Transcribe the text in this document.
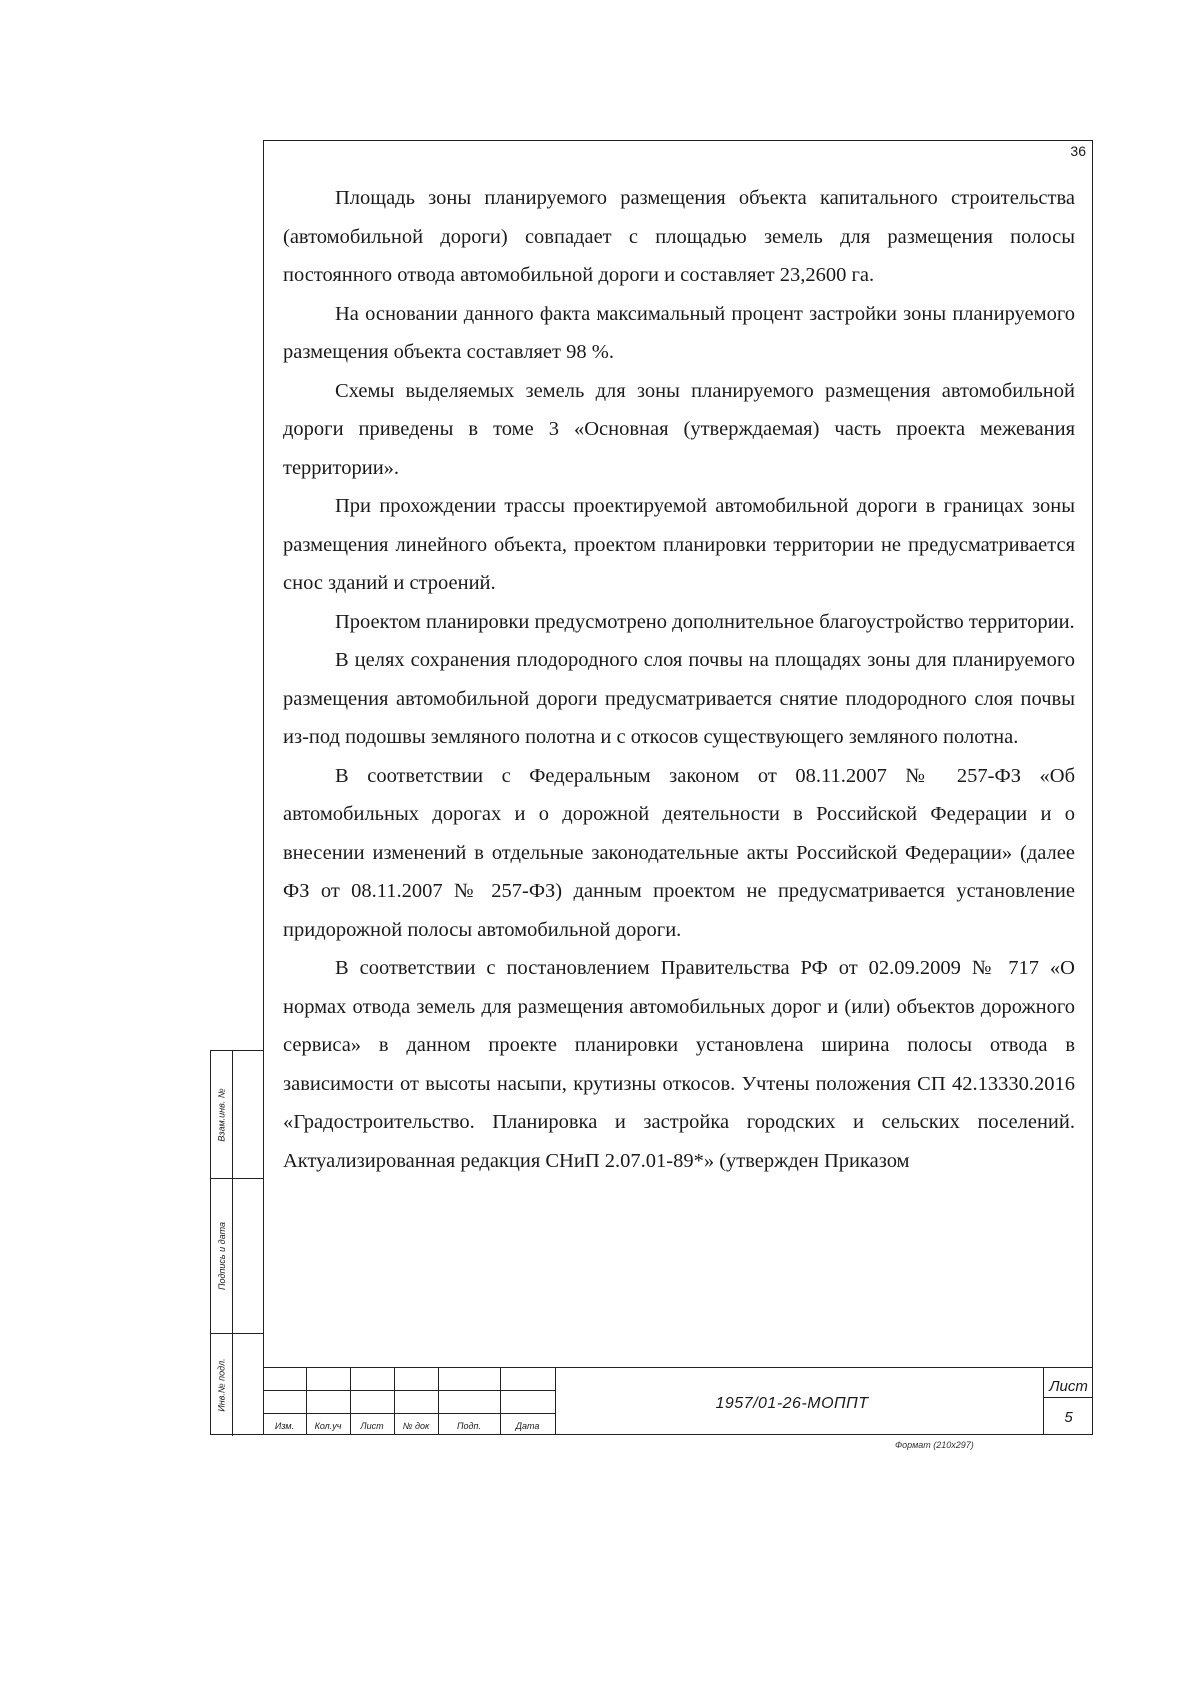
36

Площадь зоны планируемого размещения объекта капитального строительства (автомобильной дороги) совпадает с площадью земель для размещения полосы постоянного отвода автомобильной дороги и составляет 23,2600 га.

На основании данного факта максимальный процент застройки зоны планируемого размещения объекта составляет 98 %.

Схемы выделяемых земель для зоны планируемого размещения автомобильной дороги приведены в томе 3 «Основная (утверждаемая) часть проекта межевания территории».

При прохождении трассы проектируемой автомобильной дороги в границах зоны размещения линейного объекта, проектом планировки территории не предусматривается снос зданий и строений.

Проектом планировки предусмотрено дополнительное благоустройство территории.

В целях сохранения плодородного слоя почвы на площадях зоны для планируемого размещения автомобильной дороги предусматривается снятие плодородного слоя почвы из-под подошвы земляного полотна и с откосов существующего земляного полотна.

В соответствии с Федеральным законом от 08.11.2007 № 257-ФЗ «Об автомобильных дорогах и о дорожной деятельности в Российской Федерации и о внесении изменений в отдельные законодательные акты Российской Федерации» (далее ФЗ от 08.11.2007 № 257-ФЗ) данным проектом не предусматривается установление придорожной полосы автомобильной дороги.

В соответствии с постановлением Правительства РФ от 02.09.2009 № 717 «О нормах отвода земель для размещения автомобильных дорог и (или) объектов дорожного сервиса» в данном проекте планировки установлена ширина полосы отвода в зависимости от высоты насыпи, крутизны откосов. Учтены положения СП 42.13330.2016 «Градостроительство. Планировка и застройка городских и сельских поселений. Актуализированная редакция СНиП 2.07.01-89*» (утвержден Приказом

Взам.инв. №
Подпись и дата
Инв.№ подл.
Изм.	Кол.уч	Лист	№ док	Подп.	Дата
1957/01-26-МОППТ
Лист
5
Формат (210х297)
